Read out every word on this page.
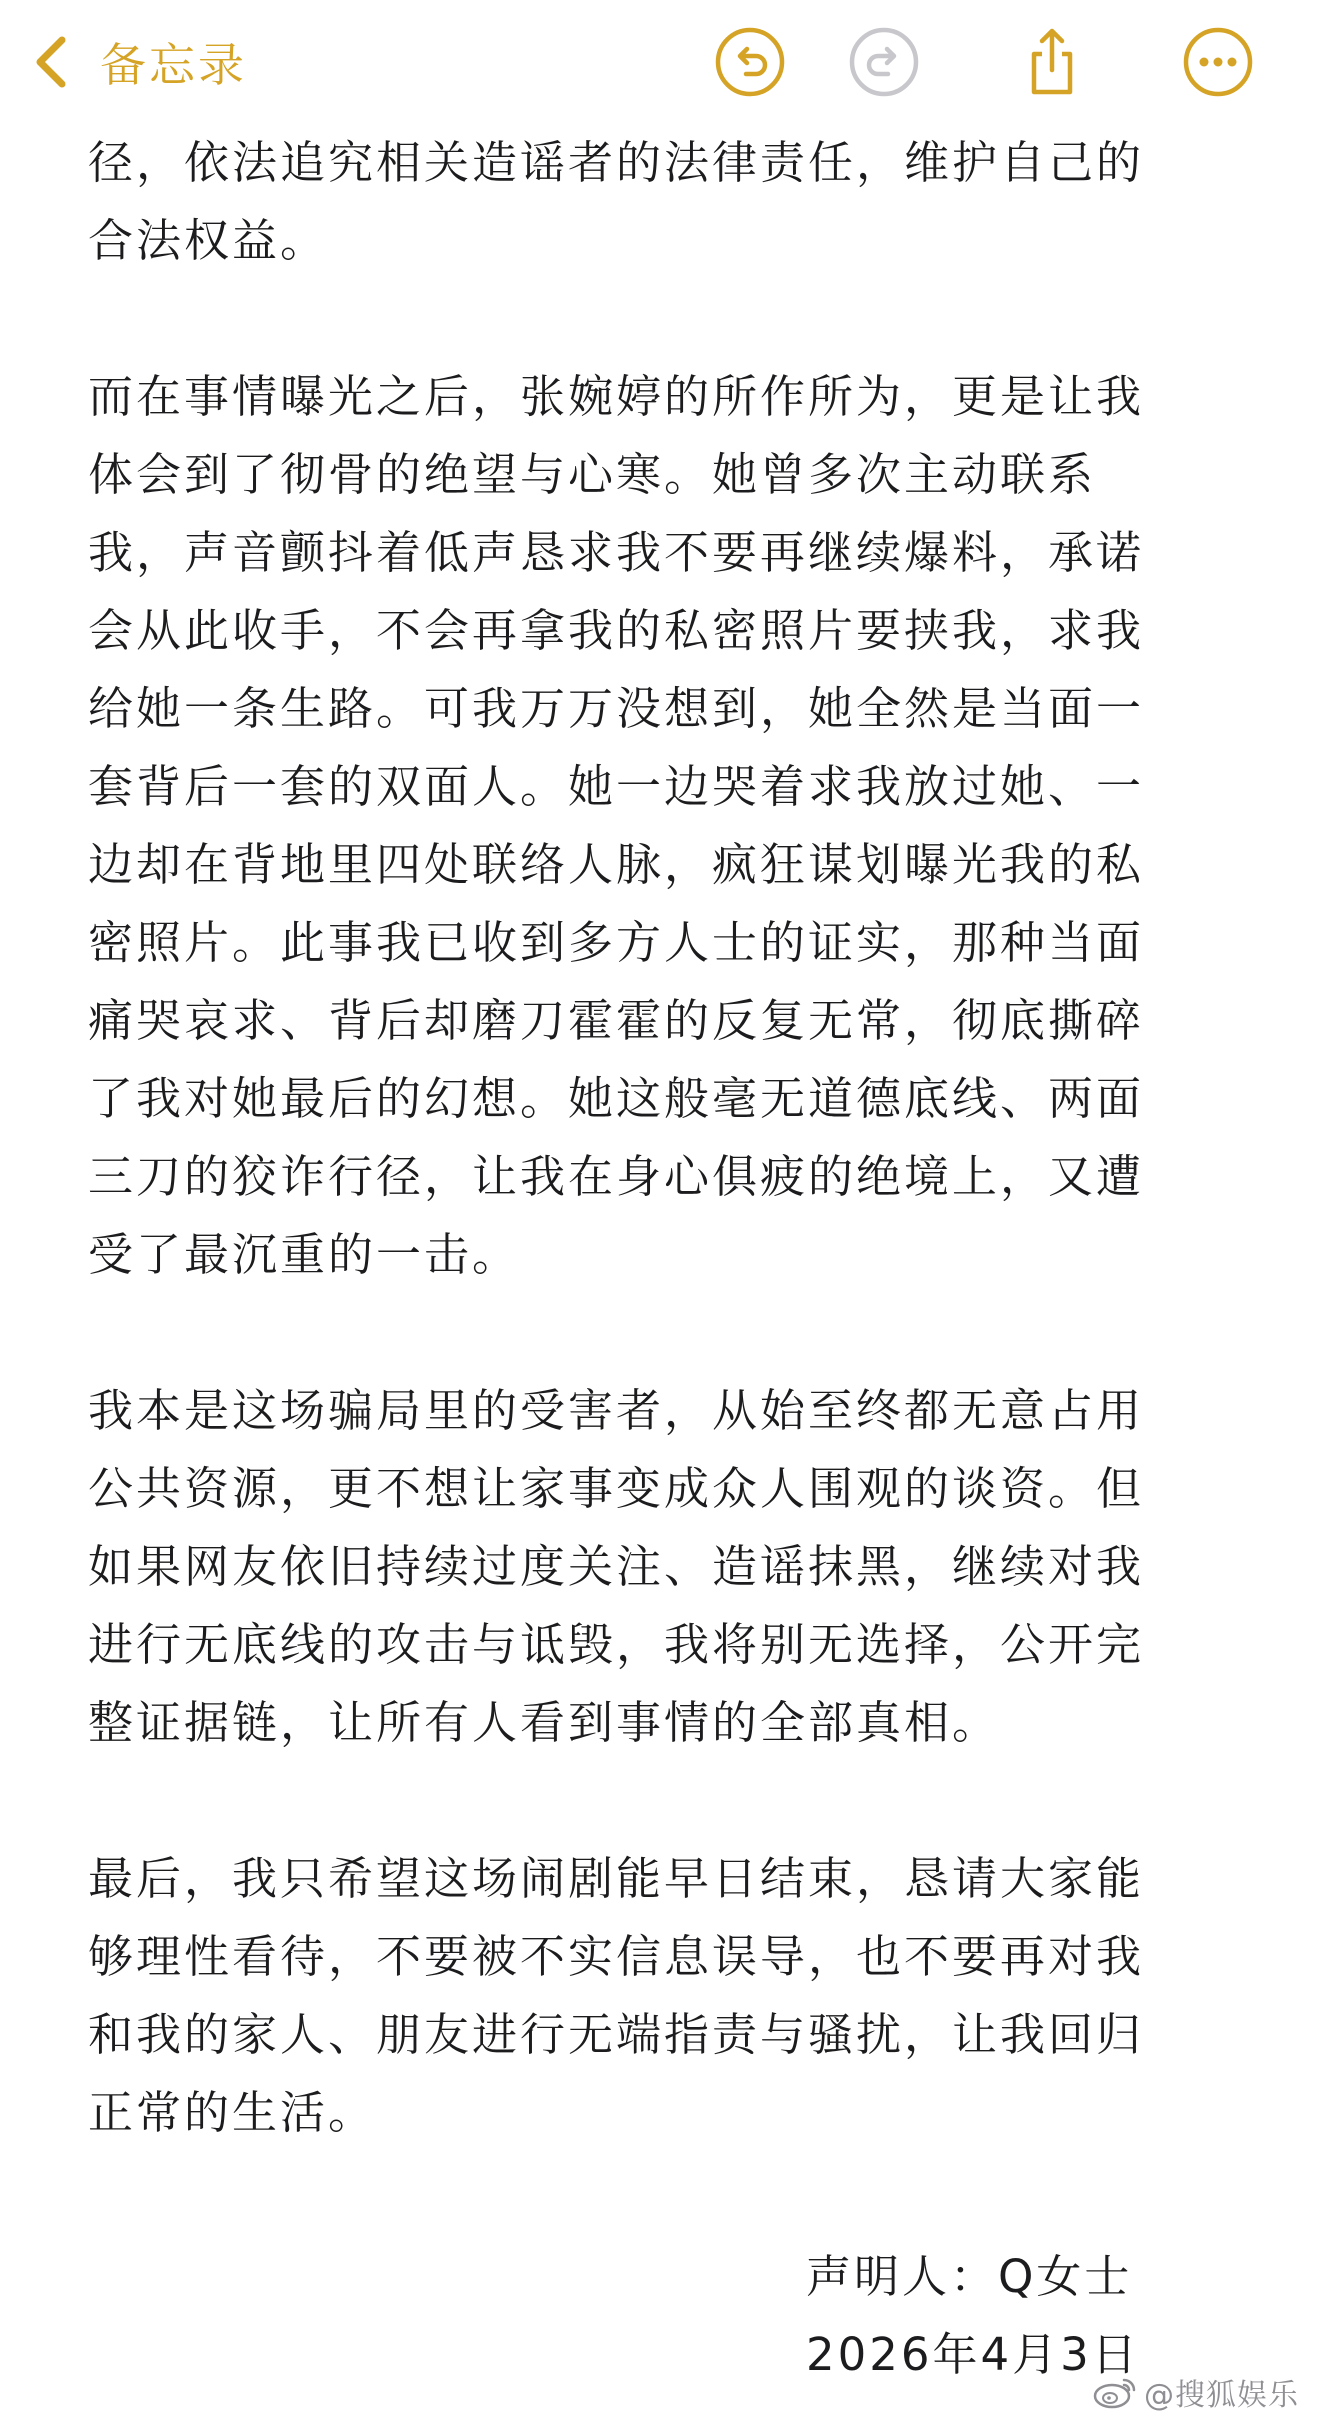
备忘录

径，依法追究相关造谣者的法律责任，维护自己的
合法权益。

而在事情曝光之后，张婉婷的所作所为，更是让我
体会到了彻骨的绝望与心寒。她曾多次主动联系
我，声音颤抖着低声恳求我不要再继续爆料，承诺
会从此收手，不会再拿我的私密照片要挟我，求我
给她一条生路。可我万万没想到，她全然是当面一
套背后一套的双面人。她一边哭着求我放过她、一
边却在背地里四处联络人脉，疯狂谋划曝光我的私
密照片。此事我已收到多方人士的证实，那种当面
痛哭哀求、背后却磨刀霍霍的反复无常，彻底撕碎
了我对她最后的幻想。她这般毫无道德底线、两面
三刀的狡诈行径，让我在身心俱疲的绝境上，又遭
受了最沉重的一击。

我本是这场骗局里的受害者，从始至终都无意占用
公共资源，更不想让家事变成众人围观的谈资。但
如果网友依旧持续过度关注、造谣抹黑，继续对我
进行无底线的攻击与诋毁，我将别无选择，公开完
整证据链，让所有人看到事情的全部真相。

最后，我只希望这场闹剧能早日结束，恳请大家能
够理性看待，不要被不实信息误导，也不要再对我
和我的家人、朋友进行无端指责与骚扰，让我回归
正常的生活。

声明人：Q女士
2026年4月3日
@搜狐娱乐
